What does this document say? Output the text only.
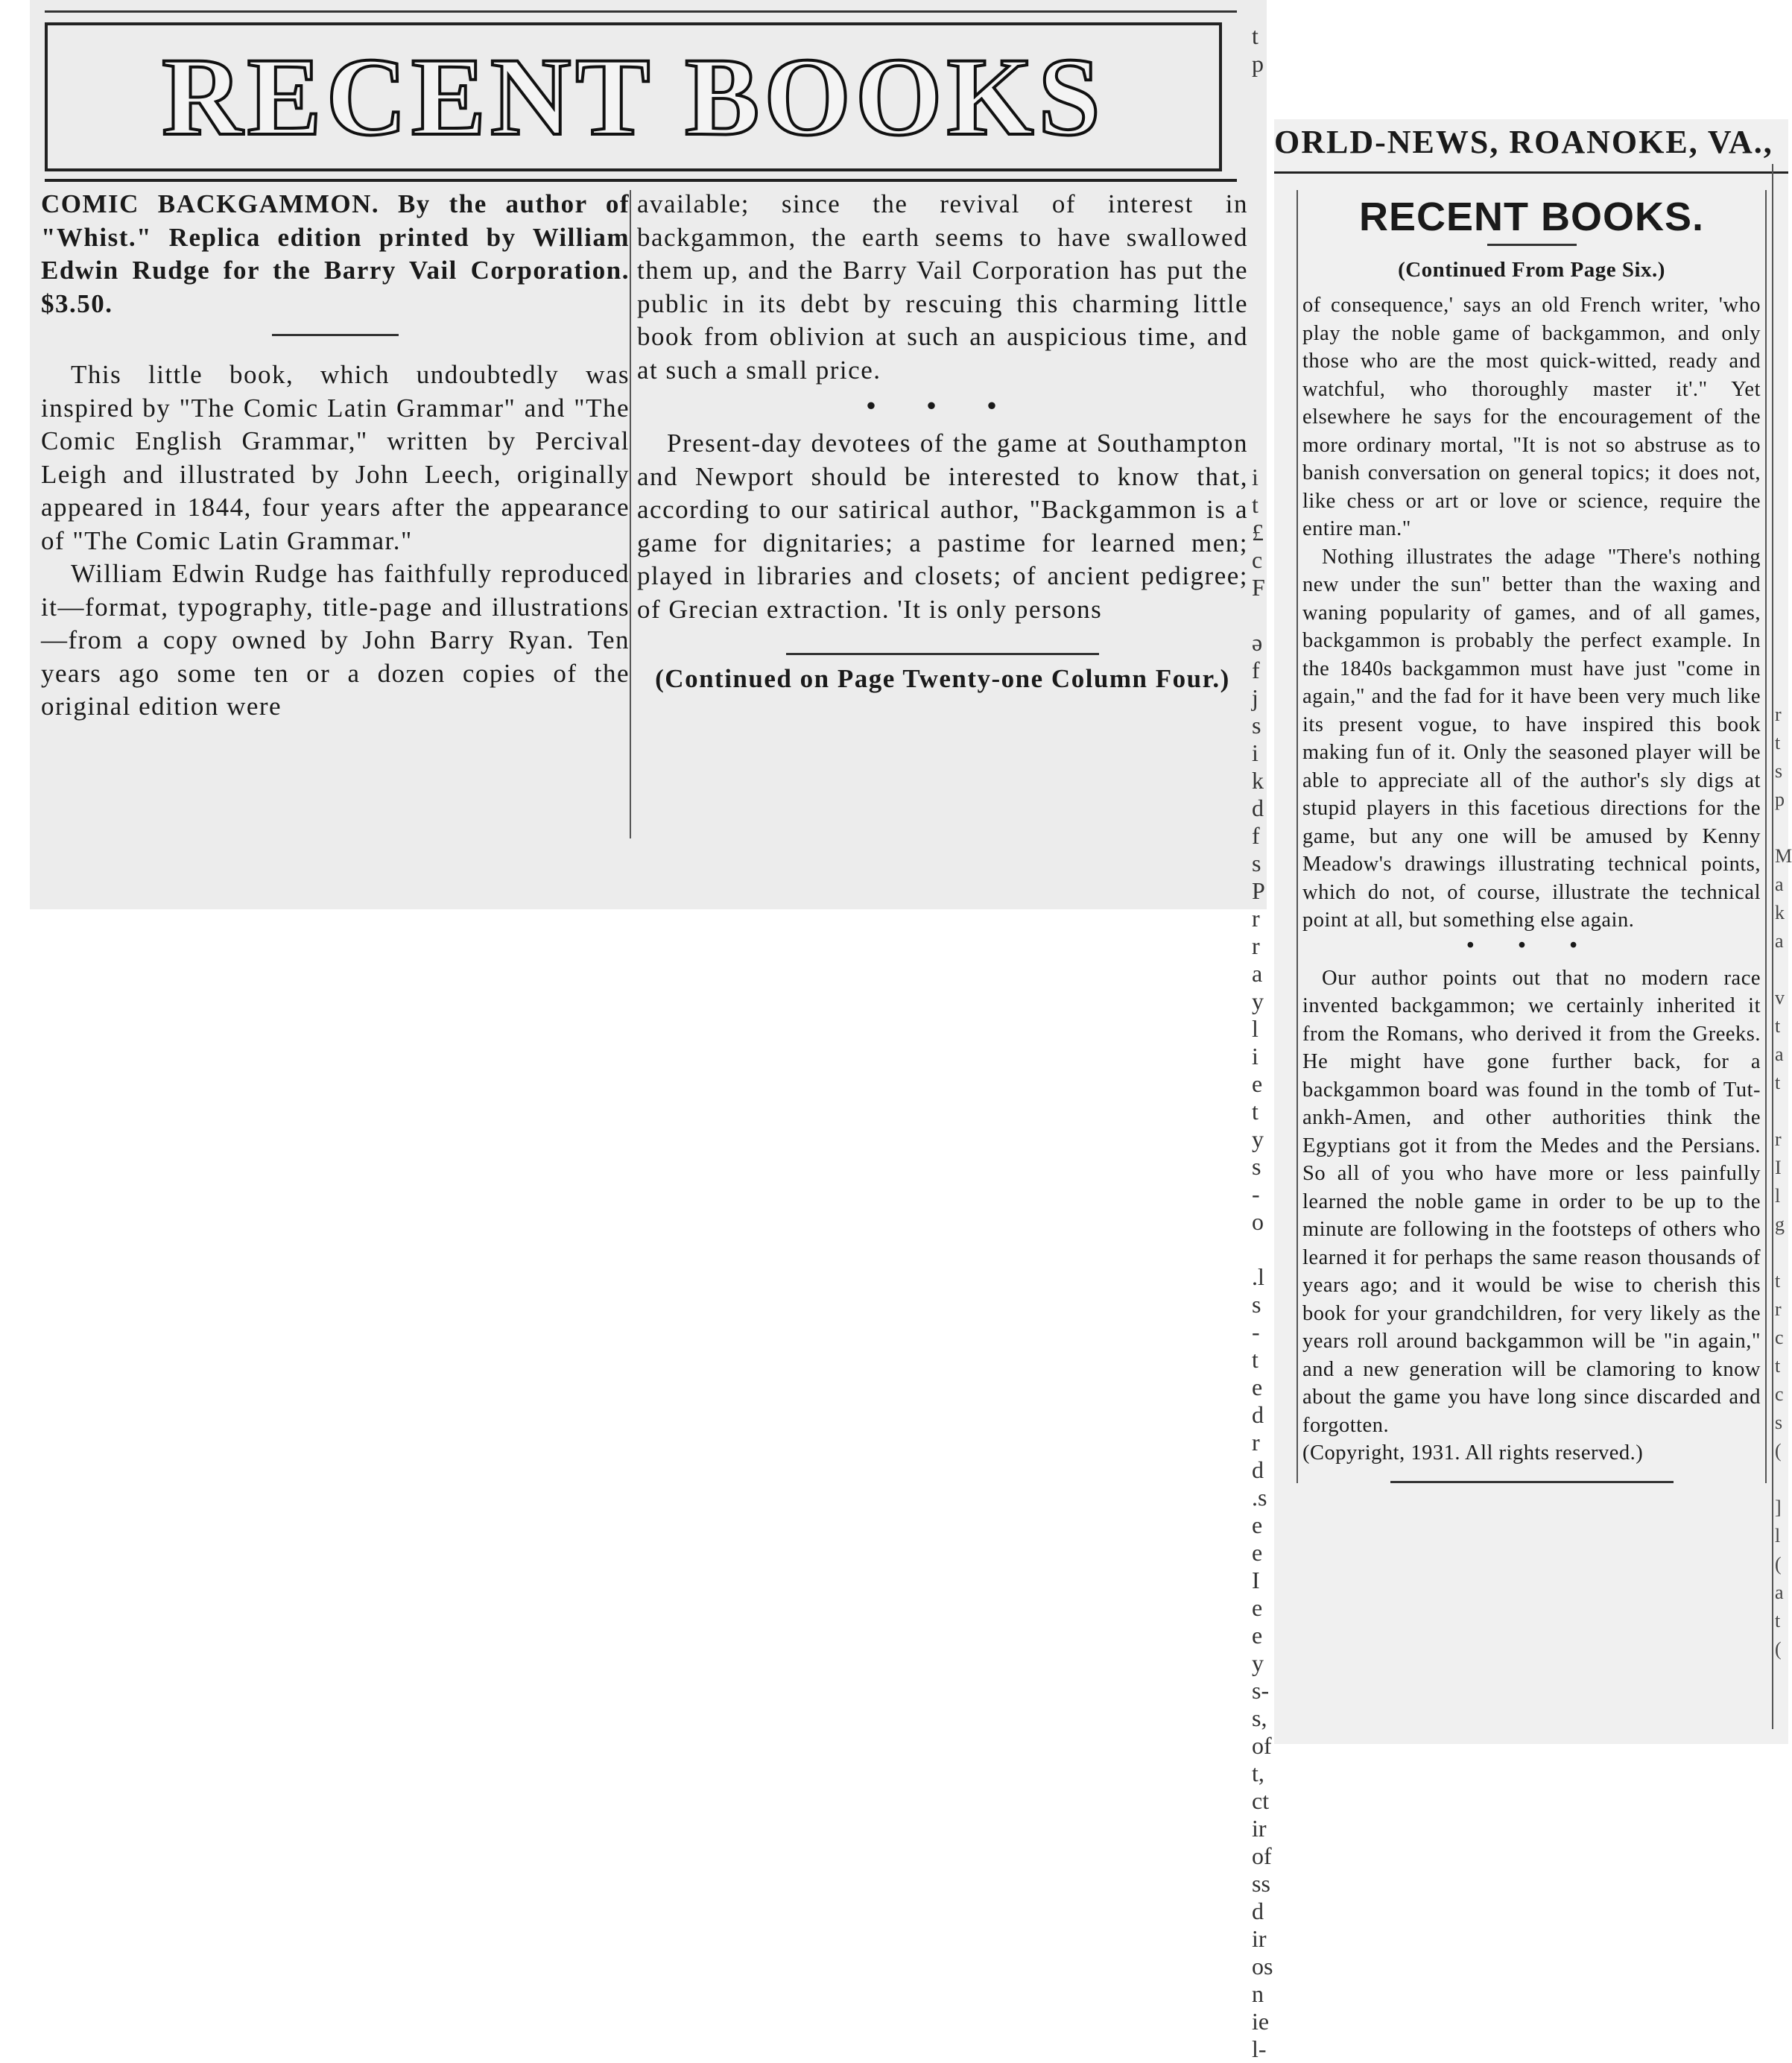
RECENT BOOKS

COMIC BACKGAMMON. By the author of "Whist." Replica edition printed by William Edwin Rudge for the Barry Vail Corporation. $3.50.

This little book, which undoubtedly was inspired by "The Comic Latin Grammar" and "The Comic English Grammar," written by Percival Leigh and illustrated by John Leech, originally appeared in 1844, four years after the appearance of "The Comic Latin Grammar."

William Edwin Rudge has faithfully reproduced it—format, typography, title-page and illustrations—from a copy owned by John Barry Ryan. Ten years ago some ten or a dozen copies of the original edition were

available; since the revival of interest in backgammon, the earth seems to have swallowed them up, and the Barry Vail Corporation has put the public in its debt by rescuing this charming little book from oblivion at such an auspicious time, and at such a small price.

• • •

Present-day devotees of the game at Southampton and Newport should be interested to know that, according to our satirical author, "Backgammon is a game for dignitaries; a pastime for learned men; played in libraries and closets; of ancient pedigree; of Grecian extraction. 'It is only persons

(Continued on Page Twenty-one Column Four.)

t
p

i
t
£
c
F

ə
f
j
s
i
k
d
f
s
P
r
r
a
y
l
i
e
t
y
s
-
o

.l
s
-
t
e
d
r
d
.s
e
e
I
e
e
y
s-
s,
of
t,
ct
ir
of
ss
d
ir
os
n
ie
l-
ORLD-NEWS, ROANOKE, VA.,
RECENT BOOKS.
(Continued From Page Six.)

of consequence,' says an old French writer, 'who play the noble game of backgammon, and only those who are the most quick-witted, ready and watchful, who thoroughly master it'." Yet elsewhere he says for the encouragement of the more ordinary mortal, "It is not so abstruse as to banish conversation on general topics; it does not, like chess or art or love or science, require the entire man."

Nothing illustrates the adage "There's nothing new under the sun" better than the waxing and waning popularity of games, and of all games, backgammon is probably the perfect example. In the 1840s backgammon must have just "come in again," and the fad for it have been very much like its present vogue, to have inspired this book making fun of it. Only the seasoned player will be able to appreciate all of the author's sly digs at stupid players in this facetious directions for the game, but any one will be amused by Kenny Meadow's drawings illustrating technical points, which do not, of course, illustrate the technical point at all, but something else again.

• • •

Our author points out that no modern race invented backgammon; we certainly inherited it from the Romans, who derived it from the Greeks. He might have gone further back, for a backgammon board was found in the tomb of Tut-ankh-Amen, and other authorities think the Egyptians got it from the Medes and the Persians. So all of you who have more or less painfully learned the noble game in order to be up to the minute are following in the footsteps of others who learned it for perhaps the same reason thousands of years ago; and it would be wise to cherish this book for your grandchildren, for very likely as the years roll around backgammon will be "in again," and a new generation will be clamoring to know about the game you have long since discarded and forgotten.

(Copyright, 1931. All rights reserved.)

r
t
s
p

M
a
k
a

v
t
a
t

r
I
l
g

t
r
c
t
c
s
(

]
l
(
a
t
(
